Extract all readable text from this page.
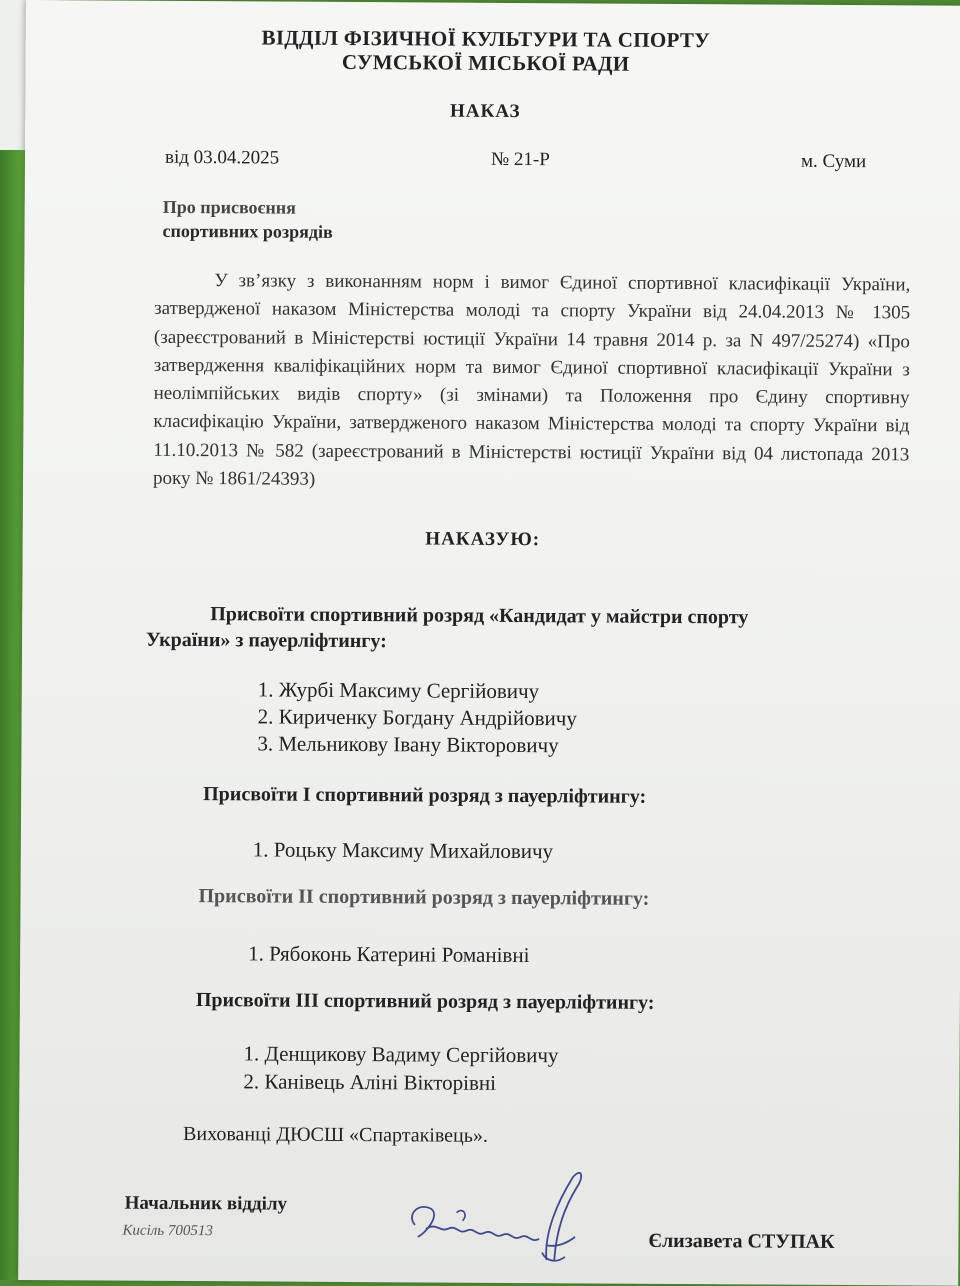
ВІДДІЛ ФІЗИЧНОЇ КУЛЬТУРИ ТА СПОРТУ
СУМСЬКОЇ МІСЬКОЇ РАДИ
НАКАЗ
від 03.04.2025	№ 21-Р	м. Суми
Про присвоєння
спортивних розрядів
У зв’язку з виконанням норм і вимог Єдиної спортивної класифікації України, затвердженої наказом Міністерства молоді та спорту України від 24.04.2013 № 1305 (зареєстрований в Міністерстві юстиції України 14 травня 2014 р. за N 497/25274) «Про затвердження кваліфікаційних норм та вимог Єдиної спортивної класифікації України з неолімпійських видів спорту» (зі змінами) та Положення про Єдину спортивну класифікацію України, затвердженого наказом Міністерства молоді та спорту України від 11.10.2013 № 582 (зареєстрований в Міністерстві юстиції України від 04 листопада 2013 року № 1861/24393)
НАКАЗУЮ:
Присвоїти спортивний розряд «Кандидат у майстри спорту
України» з пауерліфтингу:
1. Журбі Максиму Сергійовичу
2. Кириченку Богдану Андрійовичу
3. Мельникову Івану Вікторовичу
Присвоїти I спортивний розряд з пауерліфтингу:
1. Роцьку Максиму Михайловичу
Присвоїти II спортивний розряд з пауерліфтингу:
1. Рябоконь Катерині Романівні
Присвоїти III спортивний розряд з пауерліфтингу:
1. Денщикову Вадиму Сергійовичу
2. Канівець Аліні Вікторівні
Вихованці ДЮСШ «Спартаківець».
Начальник відділу
Кисіль 700513	Єлизавета СТУПАК
